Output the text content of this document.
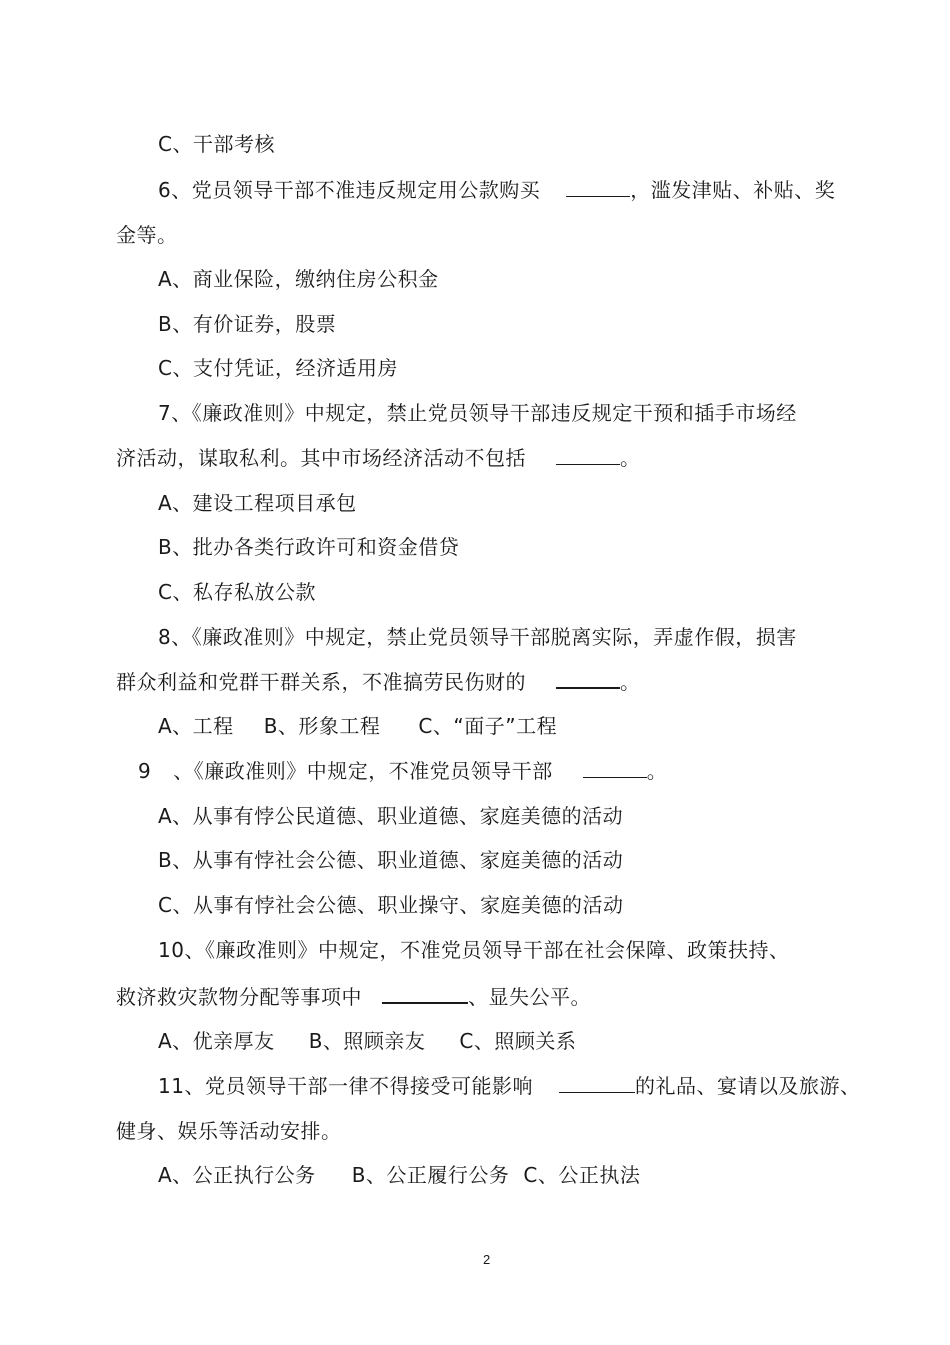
C、干部考核
6、党员领导干部不准违反规定用公款购买	，滥发津贴、补贴、奖
金等。
A、商业保险，缴纳住房公积金
B、有价证券，股票
C、支付凭证，经济适用房
7、《廉政准则》中规定，禁止党员领导干部违反规定干预和插手市场经
济活动，谋取私利。其中市场经济活动不包括	。
A、建设工程项目承包
B、批办各类行政许可和资金借贷
C、私存私放公款
8、《廉政准则》中规定，禁止党员领导干部脱离实际，弄虚作假，损害
群众利益和党群干群关系，不准搞劳民伤财的	。
A、工程 B、形象工程 C、“面子”工程
9 、《廉政准则》中规定，不准党员领导干部	。
A、从事有悖公民道德、职业道德、家庭美德的活动
B、从事有悖社会公德、职业道德、家庭美德的活动
C、从事有悖社会公德、职业操守、家庭美德的活动
10、《廉政准则》中规定，不准党员领导干部在社会保障、政策扶持、
救济救灾款物分配等事项中	、显失公平。
A、优亲厚友 B、照顾亲友 C、照顾关系
11、党员领导干部一律不得接受可能影响	的礼品、宴请以及旅游、
健身、娱乐等活动安排。
A、公正执行公务 B、公正履行公务 C、公正执法
2
